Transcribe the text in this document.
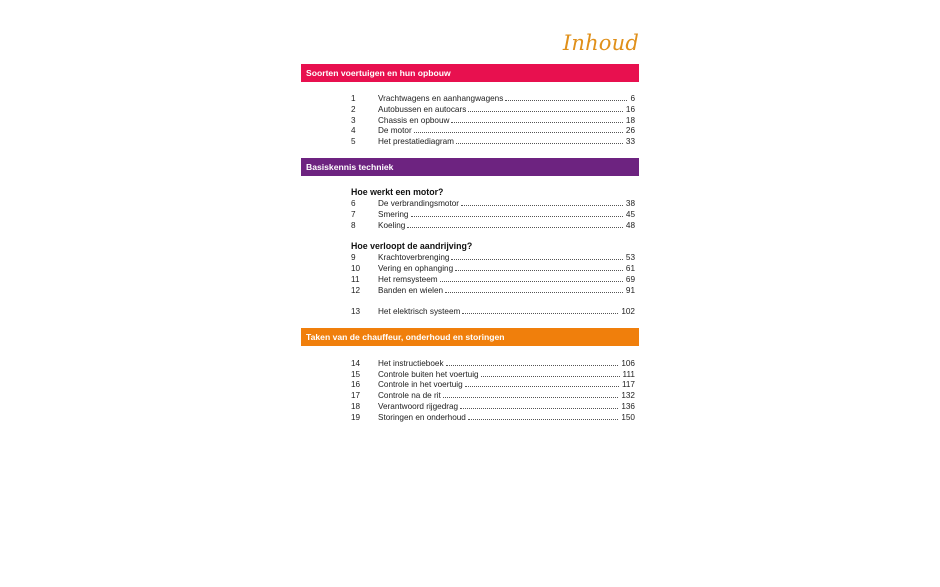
Inhoud
Soorten voertuigen en hun opbouw
1	Vrachtwagens en aanhangwagens	6
2	Autobussen en autocars	16
3	Chassis en opbouw	18
4	De motor	26
5	Het prestatiediagram	33
Basiskennis techniek
Hoe werkt een motor?
6	De verbrandingsmotor	38
7	Smering	45
8	Koeling	48
Hoe verloopt de aandrijving?
9	Krachtoverbrenging	53
10 Vering en ophanging	61
11 Het remsysteem	69
12 Banden en wielen	91
13 Het elektrisch systeem	102
Taken van de chauffeur, onderhoud en storingen
14 Het instructieboek	106
15 Controle buiten het voertuig	111
16 Controle in het voertuig	117
17 Controle na de rit	132
18 Verantwoord rijgedrag	136
19 Storingen en onderhoud	150
